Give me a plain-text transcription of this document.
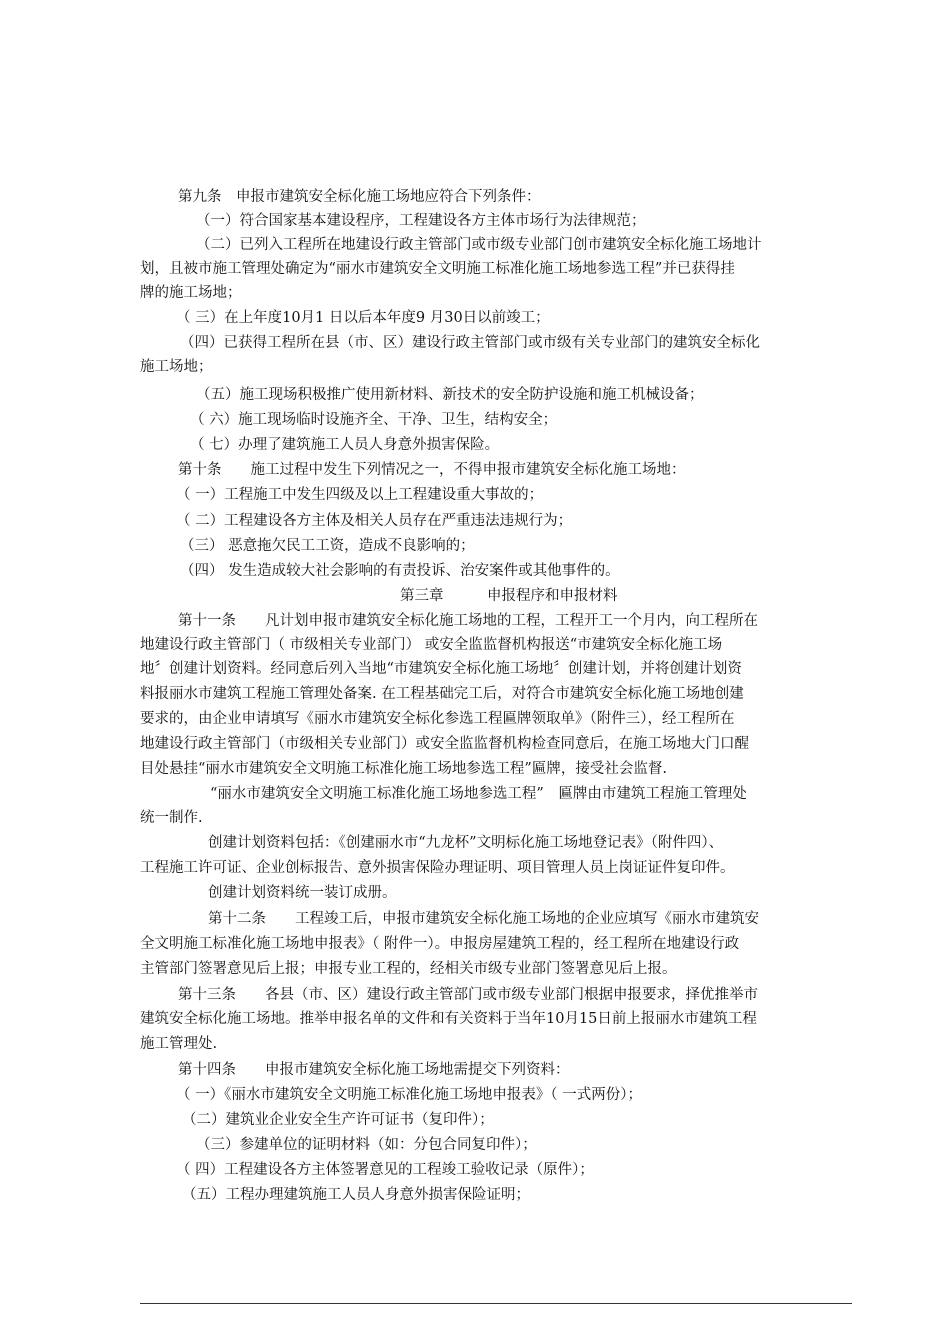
第九条　申报市建筑安全标化施工场地应符合下列条件：
（一）符合国家基本建设程序，工程建设各方主体市场行为法律规范；
（二）已列入工程所在地建设行政主管部门或市级专业部门创市建筑安全标化施工场地计
划，且被市施工管理处确定为“丽水市建筑安全文明施工标准化施工场地参选工程”并已获得挂
牌的施工场地；
（ 三）在上年度10月1 日以后本年度9 月30日以前竣工；
（四）已获得工程所在县（市、区）建设行政主管部门或市级有关专业部门的建筑安全标化
施工场地；
（五）施工现场积极推广使用新材料、新技术的安全防护设施和施工机械设备；
（ 六）施工现场临时设施齐全、干净、卫生，结构安全；
（ 七）办理了建筑施工人员人身意外损害保险。
第十条　　施工过程中发生下列情况之一，不得申报市建筑安全标化施工场地：
（ 一）工程施工中发生四级及以上工程建设重大事故的；
（ 二）工程建设各方主体及相关人员存在严重违法违规行为；
（三） 恶意拖欠民工工资，造成不良影响的；
（四） 发生造成较大社会影响的有责投诉、治安案件或其他事件的。
第三章　　　申报程序和申报材料
第十一条　　凡计划申报市建筑安全标化施工场地的工程，工程开工一个月内，向工程所在
地建设行政主管部门（ 市级相关专业部门） 或安全监监督机构报送“市建筑安全标化施工场
地〞创建计划资料。经同意后列入当地“市建筑安全标化施工场地〞创建计划，并将创建计划资
料报丽水市建筑工程施工管理处备案. 在工程基础完工后，对符合市建筑安全标化施工场地创建
要求的，由企业申请填写《丽水市建筑安全标化参选工程匾牌领取单》（附件三），经工程所在
地建设行政主管部门（市级相关专业部门）或安全监监督机构检查同意后，在施工场地大门口醒
目处悬挂“丽水市建筑安全文明施工标准化施工场地参选工程”匾牌，接受社会监督.
“丽水市建筑安全文明施工标准化施工场地参选工程”　匾牌由市建筑工程施工管理处
统一制作.
创建计划资料包括：《创建丽水市“九龙杯”文明标化施工场地登记表》（附件四）、
工程施工许可证、企业创标报告、意外损害保险办理证明、项目管理人员上岗证证件复印件。
创建计划资料统一装订成册。
第十二条　　工程竣工后，申报市建筑安全标化施工场地的企业应填写《丽水市建筑安
全文明施工标准化施工场地申报表》（ 附件一）。申报房屋建筑工程的，经工程所在地建设行政
主管部门签署意见后上报；申报专业工程的，经相关市级专业部门签署意见后上报。
第十三条　　各县（市、区）建设行政主管部门或市级专业部门根据申报要求，择优推举市
建筑安全标化施工场地。推举申报名单的文件和有关资料于当年10月15日前上报丽水市建筑工程
施工管理处.
第十四条　　申报市建筑安全标化施工场地需提交下列资料：
（ 一）《丽水市建筑安全文明施工标准化施工场地申报表》（ 一式两份）；
（二）建筑业企业安全生产许可证书（复印件）；
（三）参建单位的证明材料（如：分包合同复印件）；
（ 四）工程建设各方主体签署意见的工程竣工验收记录（原件）；
（五）工程办理建筑施工人员人身意外损害保险证明；
